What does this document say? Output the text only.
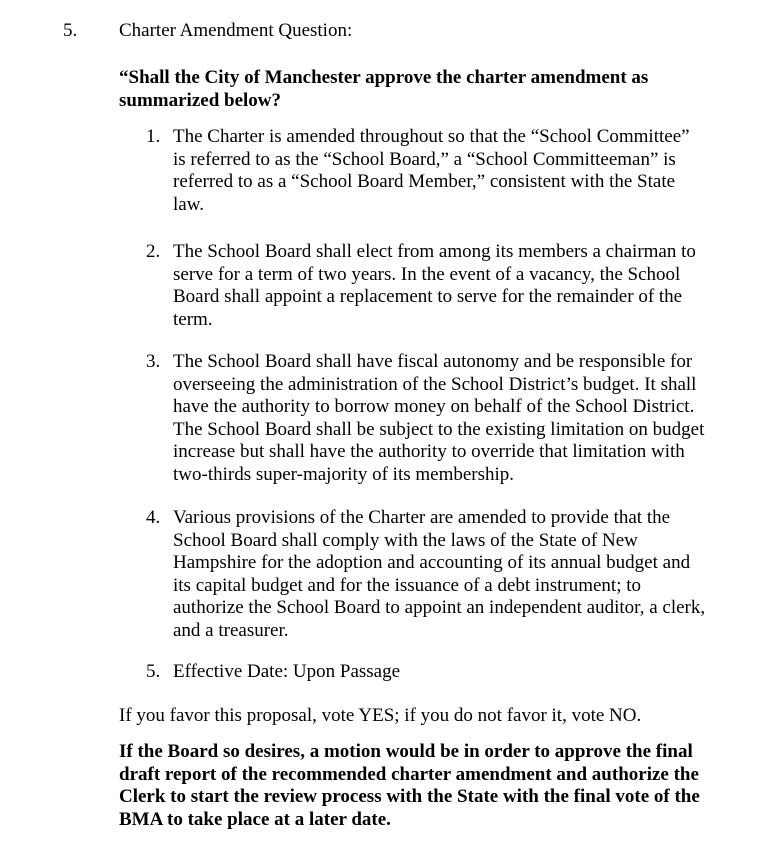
5. Charter Amendment Question:
“Shall the City of Manchester approve the charter amendment as summarized below?
1. The Charter is amended throughout so that the “School Committee” is referred to as the “School Board,” a “School Committeeman” is referred to as a “School Board Member,” consistent with the State law.
2. The School Board shall elect from among its members a chairman to serve for a term of two years. In the event of a vacancy, the School Board shall appoint a replacement to serve for the remainder of the term.
3. The School Board shall have fiscal autonomy and be responsible for overseeing the administration of the School District’s budget. It shall have the authority to borrow money on behalf of the School District. The School Board shall be subject to the existing limitation on budget increase but shall have the authority to override that limitation with two-thirds super-majority of its membership.
4. Various provisions of the Charter are amended to provide that the School Board shall comply with the laws of the State of New Hampshire for the adoption and accounting of its annual budget and its capital budget and for the issuance of a debt instrument; to authorize the School Board to appoint an independent auditor, a clerk, and a treasurer.
5. Effective Date: Upon Passage
If you favor this proposal, vote YES; if you do not favor it, vote NO.
If the Board so desires, a motion would be in order to approve the final draft report of the recommended charter amendment and authorize the Clerk to start the review process with the State with the final vote of the BMA to take place at a later date.
